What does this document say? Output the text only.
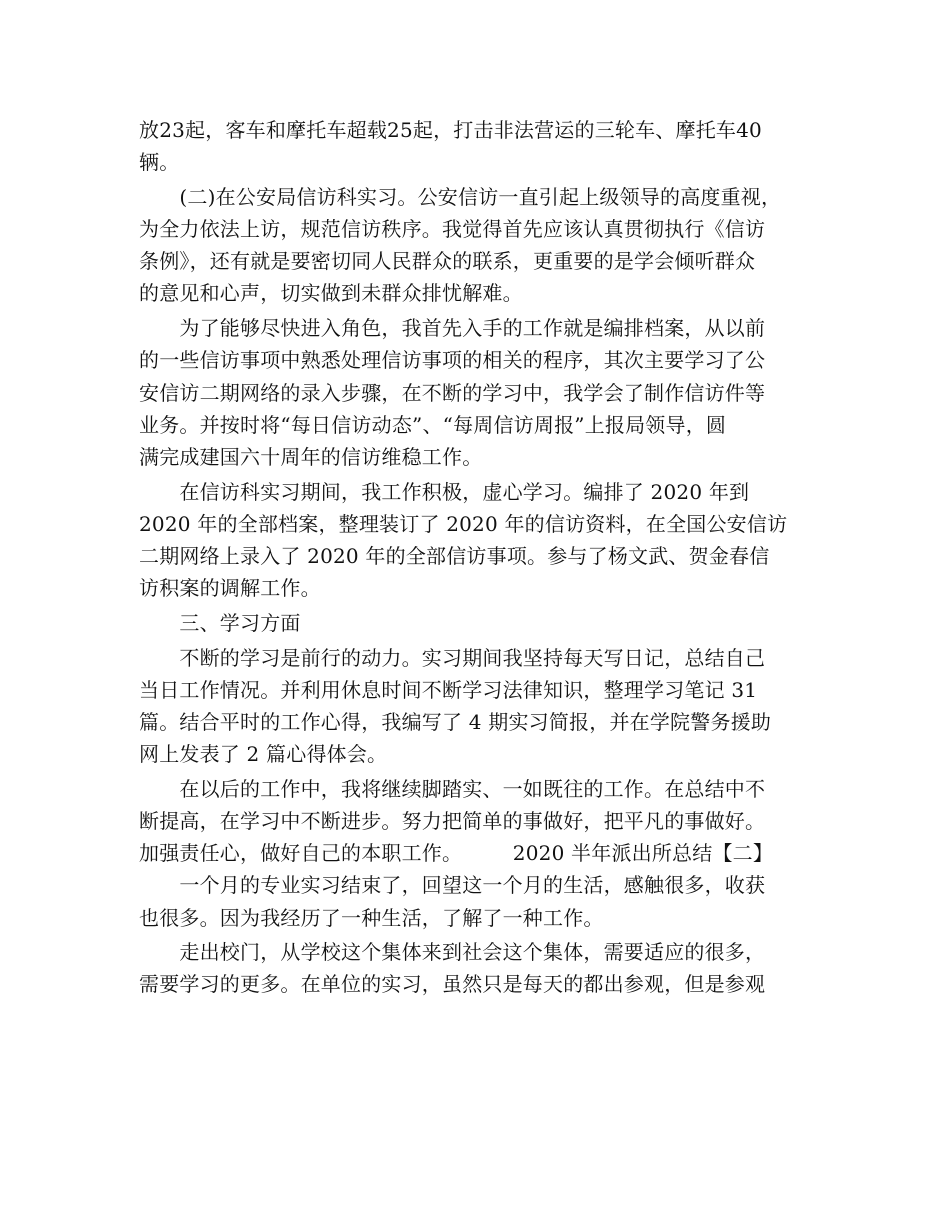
放23起，客车和摩托车超载25起，打击非法营运的三轮车、摩托车40
辆。
　　(二)在公安局信访科实习。公安信访一直引起上级领导的高度重视，
为全力依法上访，规范信访秩序。我觉得首先应该认真贯彻执行《信访
条例》，还有就是要密切同人民群众的联系，更重要的是学会倾听群众
的意见和心声，切实做到未群众排忧解难。
　　为了能够尽快进入角色，我首先入手的工作就是编排档案，从以前
的一些信访事项中熟悉处理信访事项的相关的程序，其次主要学习了公
安信访二期网络的录入步骤，在不断的学习中，我学会了制作信访件等
业务。并按时将“每日信访动态”、“每周信访周报”上报局领导，圆
满完成建国六十周年的信访维稳工作。
　　在信访科实习期间，我工作积极，虚心学习。编排了 2020 年到
2020 年的全部档案，整理装订了 2020 年的信访资料，在全国公安信访
二期网络上录入了 2020 年的全部信访事项。参与了杨文武、贺金春信
访积案的调解工作。
　　三、学习方面
　　不断的学习是前行的动力。实习期间我坚持每天写日记，总结自己
当日工作情况。并利用休息时间不断学习法律知识，整理学习笔记 31
篇。结合平时的工作心得，我编写了 4 期实习简报，并在学院警务援助
网上发表了 2 篇心得体会。
　　在以后的工作中，我将继续脚踏实、一如既往的工作。在总结中不
断提高，在学习中不断进步。努力把简单的事做好，把平凡的事做好。
加强责任心，做好自己的本职工作。　　　2020 半年派出所总结【二】
　　一个月的专业实习结束了，回望这一个月的生活，感触很多，收获
也很多。因为我经历了一种生活，了解了一种工作。
　　走出校门，从学校这个集体来到社会这个集体，需要适应的很多，
需要学习的更多。在单位的实习，虽然只是每天的都出参观，但是参观
